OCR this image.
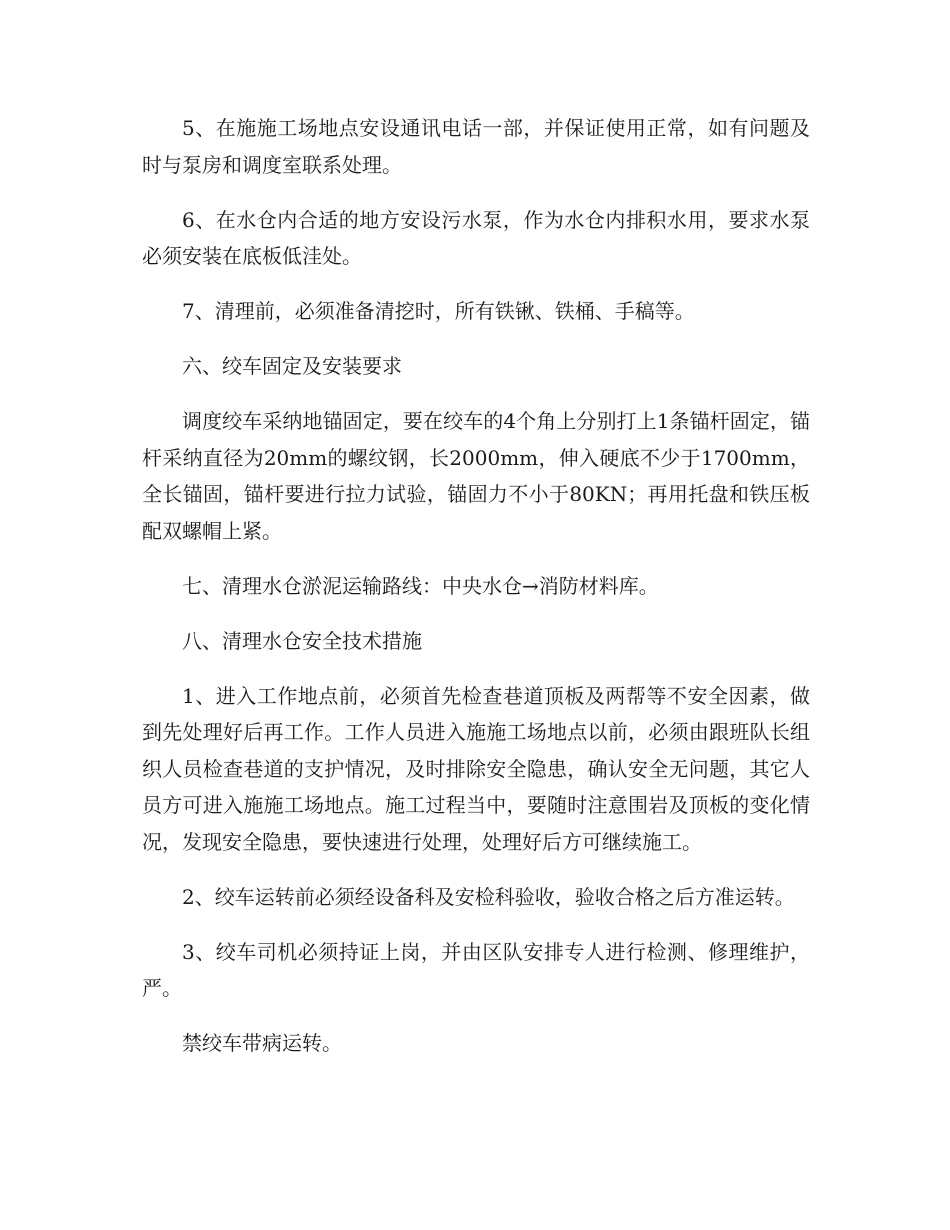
5、在施施工场地点安设通讯电话一部，并保证使用正常，如有问题及时与泵房和调度室联系处理。

6、在水仓内合适的地方安设污水泵，作为水仓内排积水用，要求水泵必须安装在底板低洼处。

7、清理前，必须准备清挖时，所有铁锹、铁桶、手稿等。

六、绞车固定及安装要求

调度绞车采纳地锚固定，要在绞车的4个角上分别打上1条锚杆固定，锚杆采纳直径为20mm的螺纹钢，长2000mm，伸入硬底不少于1700mm，全长锚固，锚杆要进行拉力试验，锚固力不小于80KN；再用托盘和铁压板配双螺帽上紧。

七、清理水仓淤泥运输路线：中央水仓→消防材料库。

八、清理水仓安全技术措施

1、进入工作地点前，必须首先检查巷道顶板及两帮等不安全因素，做到先处理好后再工作。工作人员进入施施工场地点以前，必须由跟班队长组织人员检查巷道的支护情况，及时排除安全隐患，确认安全无问题，其它人员方可进入施施工场地点。施工过程当中，要随时注意围岩及顶板的变化情况，发现安全隐患，要快速进行处理，处理好后方可继续施工。

2、绞车运转前必须经设备科及安检科验收，验收合格之后方准运转。

3、绞车司机必须持证上岗，并由区队安排专人进行检测、修理维护，严。

禁绞车带病运转。
